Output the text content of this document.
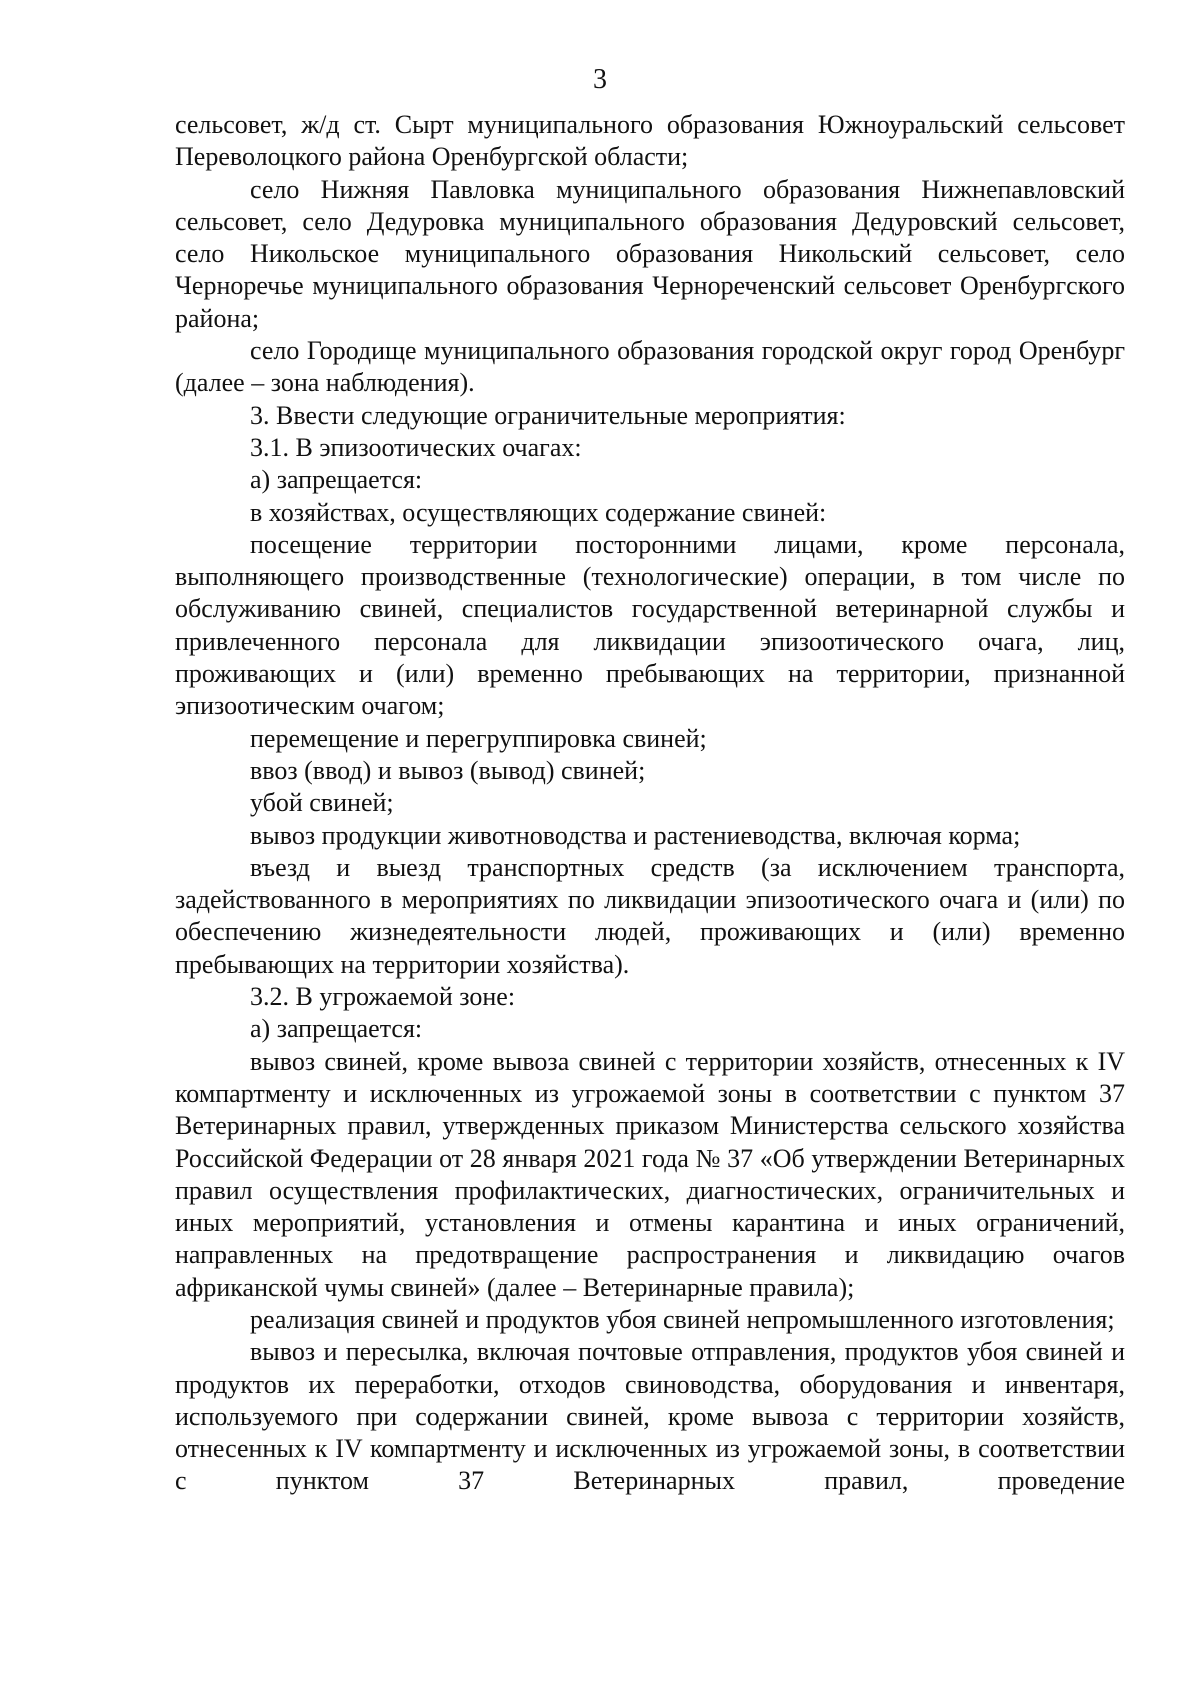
3

сельсовет, ж/д ст. Сырт муниципального образования Южноуральский сельсовет Переволоцкого района Оренбургской области;

село Нижняя Павловка муниципального образования Нижнепавловский сельсовет, село Дедуровка муниципального образования Дедуровский сельсовет, село Никольское муниципального образования Никольский сельсовет, село Черноречье муниципального образования Чернореченский сельсовет Оренбургского района;

село Городище муниципального образования городской округ город Оренбург (далее – зона наблюдения).

3. Ввести следующие ограничительные мероприятия:

3.1. В эпизоотических очагах:

а) запрещается:

в хозяйствах, осуществляющих содержание свиней:

посещение территории посторонними лицами, кроме персонала, выполняющего производственные (технологические) операции, в том числе по обслуживанию свиней, специалистов государственной ветеринарной службы и привлеченного персонала для ликвидации эпизоотического очага, лиц, проживающих и (или) временно пребывающих на территории, признанной эпизоотическим очагом;

перемещение и перегруппировка свиней;

ввоз (ввод) и вывоз (вывод) свиней;

убой свиней;

вывоз продукции животноводства и растениеводства, включая корма;

въезд и выезд транспортных средств (за исключением транспорта, задействованного в мероприятиях по ликвидации эпизоотического очага и (или) по обеспечению жизнедеятельности людей, проживающих и (или) временно пребывающих на территории хозяйства).

3.2. В угрожаемой зоне:

а) запрещается:

вывоз свиней, кроме вывоза свиней с территории хозяйств, отнесенных к IV компартменту и исключенных из угрожаемой зоны в соответствии с пунктом 37 Ветеринарных правил, утвержденных приказом Министерства сельского хозяйства Российской Федерации от 28 января 2021 года № 37 «Об утверждении Ветеринарных правил осуществления профилактических, диагностических, ограничительных и иных мероприятий, установления и отмены карантина и иных ограничений, направленных на предотвращение распространения и ликвидацию очагов африканской чумы свиней» (далее – Ветеринарные правила);

реализация свиней и продуктов убоя свиней непромышленного изготовления;

вывоз и пересылка, включая почтовые отправления, продуктов убоя свиней и продуктов их переработки, отходов свиноводства, оборудования и инвентаря, используемого при содержании свиней, кроме вывоза с территории хозяйств, отнесенных к IV компартменту и исключенных из угрожаемой зоны, в соответствии с пунктом 37 Ветеринарных правил, проведение
